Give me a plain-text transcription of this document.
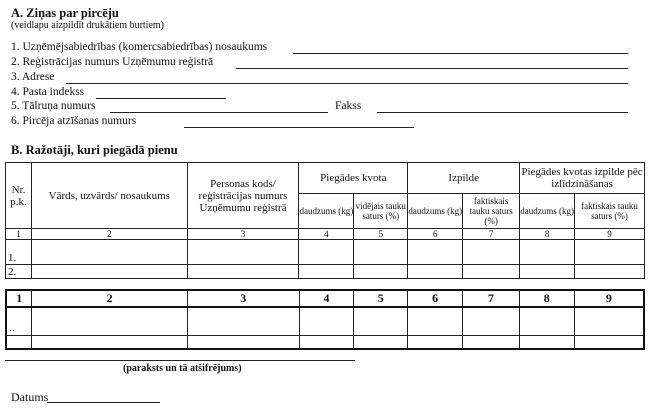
A. Ziņas par pircēju
(veidlapu aizpildīt drukātiem burtiem)
1. Uzņēmējsabiedrības (komercsabiedrības) nosaukums
2. Reģistrācijas numurs Uzņēmumu reģistrā
3. Adrese
4. Pasta indekss
5. Tālruņa numurs	Fakss
6. Pircēja atzīšanas numurs
B. Ražotāji, kuri piegādā pienu
Nr. p.k.	Vārds, uzvārds/ nosaukums	Personas kods/ reģistrācijas numurs Uzņēmumu reģistrā	Piegādes kvota		Izpilde		Piegādes kvotas izpilde pēc izlīdzināšanas	
			daudzums (kg)	vidējais tauku saturs (%)	daudzums (kg)	faktiskais tauku saturs (%)	daudzums (kg)	faktiskais tauku saturs (%)
1	2	3	4	5	6	7	8	9
1.								
2.								
1	2	3	4	5	6	7	8	9
..								

(paraksts un tā atšifrējums)
Datums
